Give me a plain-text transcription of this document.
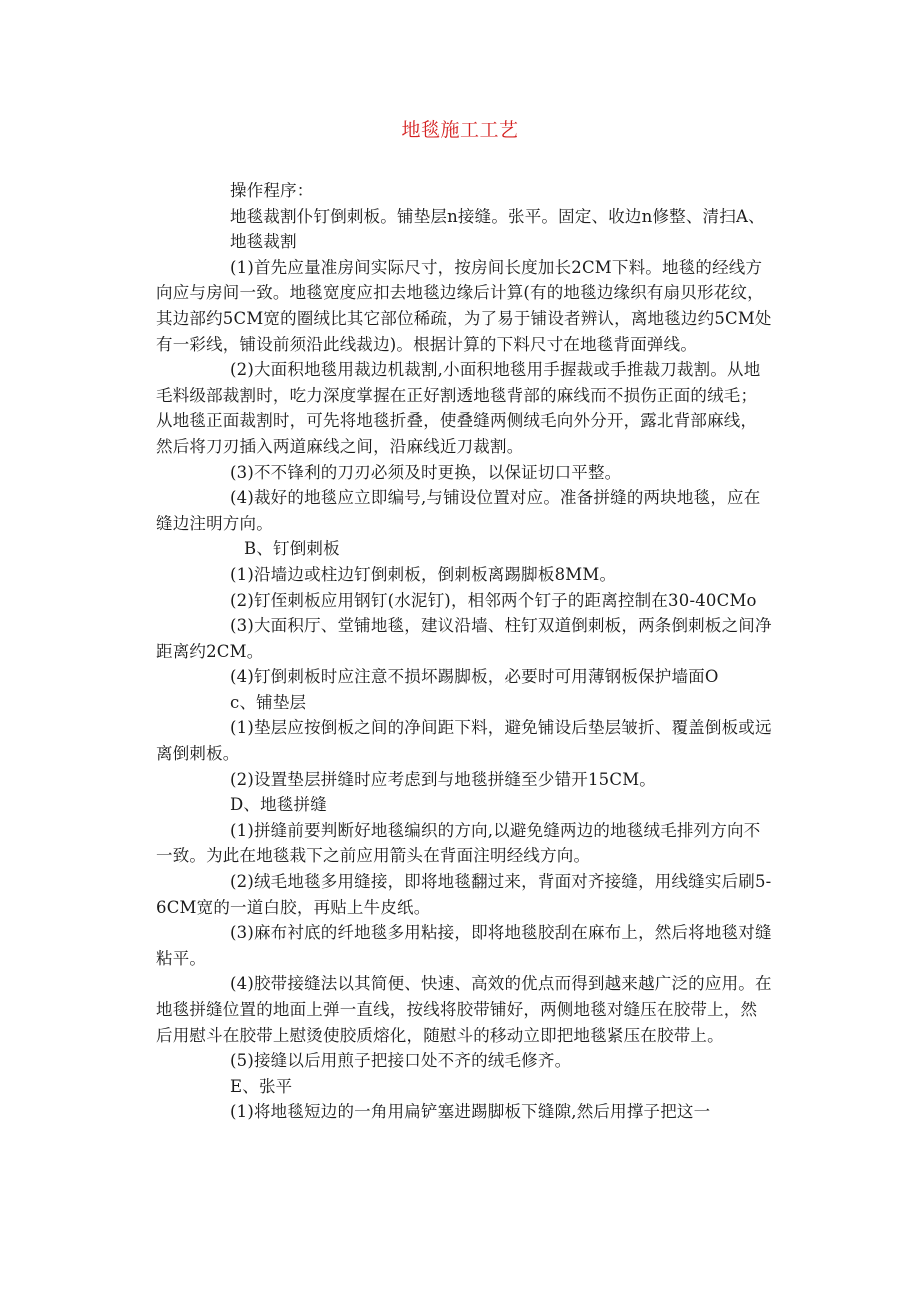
地毯施工工艺

操作程序：

地毯裁割仆钉倒刺板。铺垫层n接缝。张平。固定、收边n修整、清扫A、地毯裁割

(1)首先应量准房间实际尺寸，按房间长度加长2CM下料。地毯的经线方向应与房间一致。地毯宽度应扣去地毯边缘后计算(有的地毯边缘织有扇贝形花纹，其边部约5CM宽的圈绒比其它部位稀疏，为了易于铺设者辨认，离地毯边约5CM处有一彩线，铺设前须沿此线裁边)。根据计算的下料尺寸在地毯背面弹线。

(2)大面积地毯用裁边机裁割,小面积地毯用手握裁或手推裁刀裁割。从地毛料级部裁割时，吃力深度掌握在正好割透地毯背部的麻线而不损伤正面的绒毛；从地毯正面裁割时，可先将地毯折叠，使叠缝两侧绒毛向外分开，露北背部麻线，然后将刀刃插入两道麻线之间，沿麻线近刀裁割。

(3)不不锋利的刀刃必须及时更换，以保证切口平整。

(4)裁好的地毯应立即编号,与铺设位置对应。准备拼缝的两块地毯，应在缝边注明方向。

B、钉倒刺板

(1)沿墙边或柱边钉倒刺板，倒刺板离踢脚板8MM。

(2)钉侄刺板应用钢钉(水泥钉)，相邻两个钉子的距离控制在30-40CMo

(3)大面积厅、堂铺地毯，建议沿墙、柱钉双道倒刺板，两条倒刺板之间净距离约2CM。

(4)钉倒刺板时应注意不损坏踢脚板，必要时可用薄钢板保护墙面O

c、铺垫层

(1)垫层应按倒板之间的净间距下料，避免铺设后垫层皱折、覆盖倒板或远离倒刺板。

(2)设置垫层拼缝时应考虑到与地毯拼缝至少错开15CM。

D、地毯拼缝

(1)拼缝前要判断好地毯编织的方向,以避免缝两边的地毯绒毛排列方向不一致。为此在地毯栽下之前应用箭头在背面注明经线方向。

(2)绒毛地毯多用缝接，即将地毯翻过来，背面对齐接缝，用线缝实后刷5-6CM宽的一道白胶，再贴上牛皮纸。

(3)麻布衬底的纤地毯多用粘接，即将地毯胶刮在麻布上，然后将地毯对缝粘平。

(4)胶带接缝法以其简便、快速、高效的优点而得到越来越广泛的应用。在地毯拼缝位置的地面上弹一直线，按线将胶带铺好，两侧地毯对缝压在胶带上，然后用慰斗在胶带上慰烫使胶质熔化，随慰斗的移动立即把地毯紧压在胶带上。

(5)接缝以后用煎子把接口处不齐的绒毛修齐。

E、张平

(1)将地毯短边的一角用扁铲塞进踢脚板下缝隙,然后用撑子把这一
